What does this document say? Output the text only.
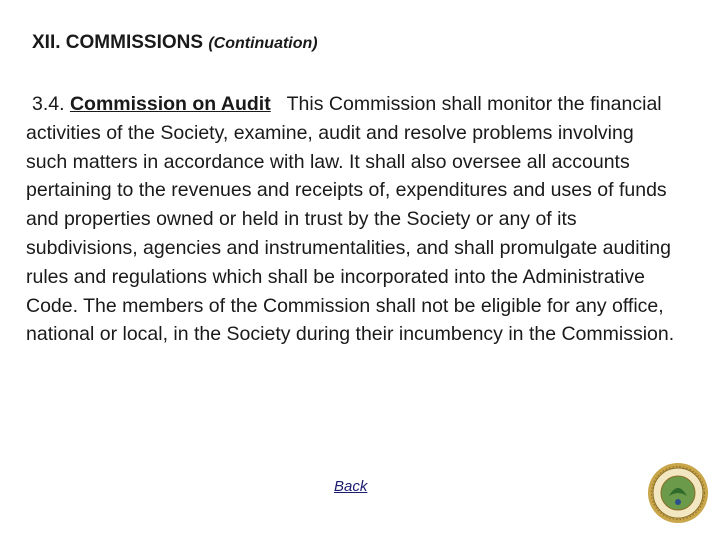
XII. COMMISSIONS (Continuation)
3.4. Commission on Audit This Commission shall monitor the financial activities of the Society, examine, audit and resolve problems involving such matters in accordance with law. It shall also oversee all accounts pertaining to the revenues and receipts of, expenditures and uses of funds and properties owned or held in trust by the Society or any of its subdivisions, agencies and instrumentalities, and shall promulgate auditing rules and regulations which shall be incorporated into the Administrative Code. The members of the Commission shall not be eligible for any office, national or local, in the Society during their incumbency in the Commission.
Back
